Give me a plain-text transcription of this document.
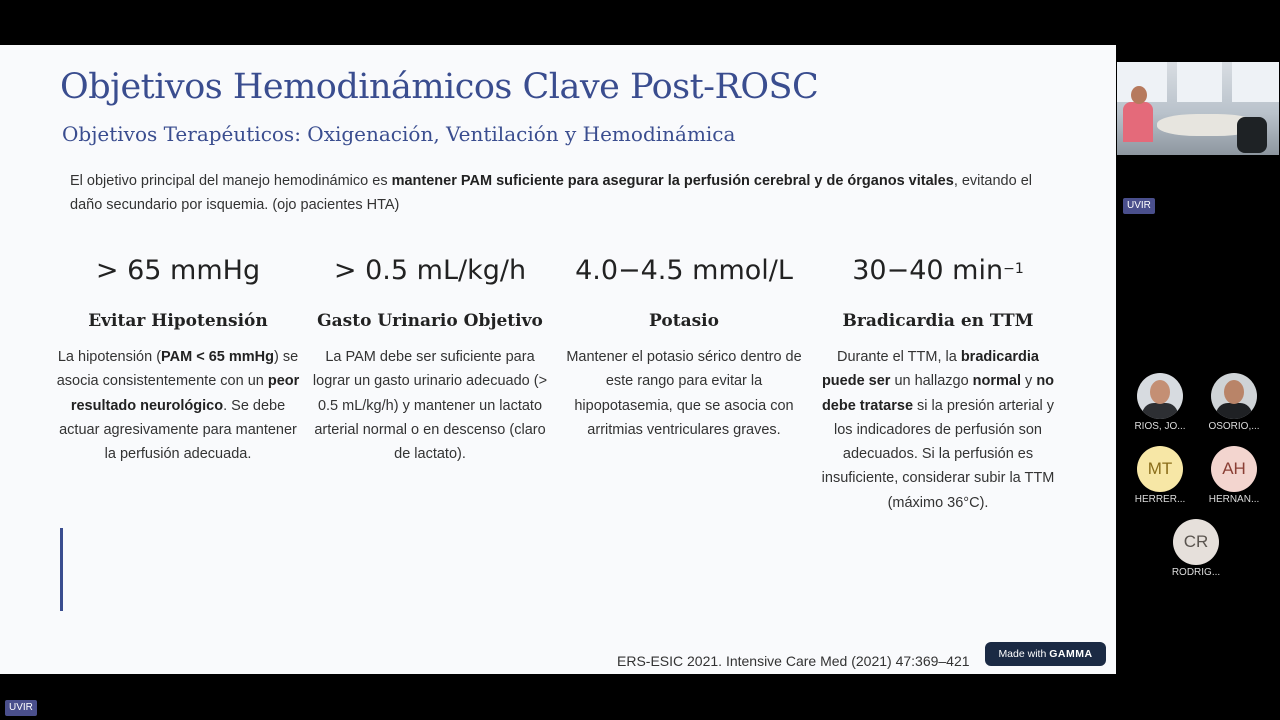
Objetivos Hemodinámicos Clave Post-ROSC
Objetivos Terapéuticos: Oxigenación, Ventilación y Hemodinámica

El objetivo principal del manejo hemodinámico es mantener PAM suficiente para asegurar la perfusión cerebral y de órganos vitales, evitando el daño secundario por isquemia. (ojo pacientes HTA)

> 65 mmHg
Evitar Hipotensión

La hipotensión (PAM < 65 mmHg) se asocia consistentemente con un peor resultado neurológico. Se debe actuar agresivamente para mantener la perfusión adecuada.

> 0.5 mL/kg/h
Gasto Urinario Objetivo

La PAM debe ser suficiente para lograr un gasto urinario adecuado (> 0.5 mL/kg/h) y mantener un lactato arterial normal o en descenso (claro de lactato).

4.0−4.5 mmol/L
Potasio

Mantener el potasio sérico dentro de este rango para evitar la hipopotasemia, que se asocia con arritmias ventriculares graves.

30−40 $\min^{-1}$
Bradicardia en TTM

Durante el TTM, la bradicardia puede ser un hallazgo normal y no debe tratarse si la presión arterial y los indicadores de perfusión son adecuados. Si la perfusión es insuficiente, considerar subir la TTM (máximo 36°C).

ERS-ESIC 2021. Intensive Care Med (2021) 47:369–421	Made with GAMMA
UVIR
RIOS, JO...	OSORIO,...
MT
HERRER...
AH
HERNAN...
CR
RODRIG...
UVIR
